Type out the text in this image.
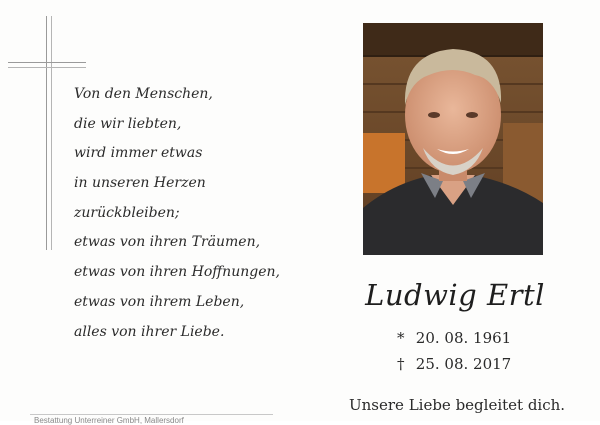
Von den Menschen,
die wir liebten,
wird immer etwas
in unseren Herzen
zurückbleiben;
etwas von ihren Träumen,
etwas von ihren Hoffnungen,
etwas von ihrem Leben,
alles von ihrer Liebe.
Bestattung Unterreiner GmbH, Mallersdorf
Ludwig Ertl
* 20. 08. 1961
† 25. 08. 2017
Unsere Liebe begleitet dich.
